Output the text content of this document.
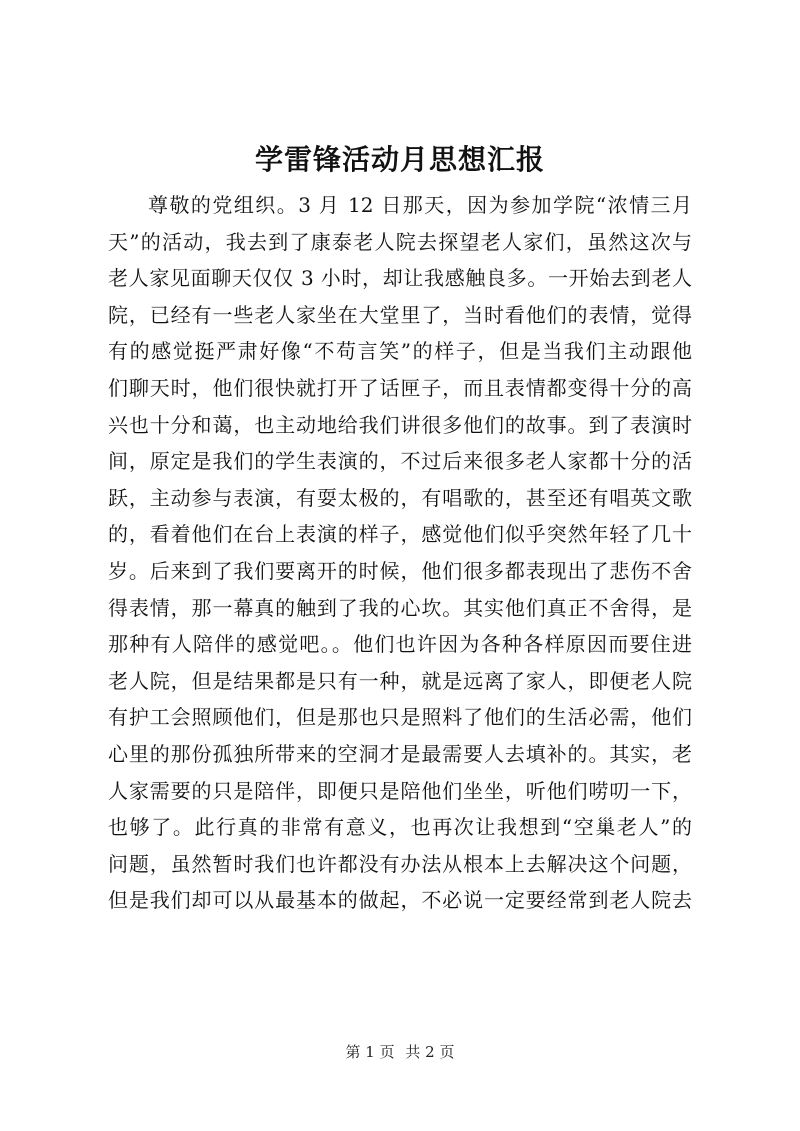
学雷锋活动月思想汇报
尊敬的党组织。3 月 12 日那天，因为参加学院“浓情三月
天”的活动，我去到了康泰老人院去探望老人家们，虽然这次与
老人家见面聊天仅仅 3 小时，却让我感触良多。一开始去到老人
院，已经有一些老人家坐在大堂里了，当时看他们的表情，觉得
有的感觉挺严肃好像“不苟言笑”的样子，但是当我们主动跟他
们聊天时，他们很快就打开了话匣子，而且表情都变得十分的高
兴也十分和蔼，也主动地给我们讲很多他们的故事。到了表演时
间，原定是我们的学生表演的，不过后来很多老人家都十分的活
跃，主动参与表演，有耍太极的，有唱歌的，甚至还有唱英文歌
的，看着他们在台上表演的样子，感觉他们似乎突然年轻了几十
岁。后来到了我们要离开的时候，他们很多都表现出了悲伤不舍
得表情，那一幕真的触到了我的心坎。其实他们真正不舍得，是
那种有人陪伴的感觉吧。。他们也许因为各种各样原因而要住进
老人院，但是结果都是只有一种，就是远离了家人，即便老人院
有护工会照顾他们，但是那也只是照料了他们的生活必需，他们
心里的那份孤独所带来的空洞才是最需要人去填补的。其实，老
人家需要的只是陪伴，即便只是陪他们坐坐，听他们唠叨一下，
也够了。此行真的非常有意义，也再次让我想到“空巢老人”的
问题，虽然暂时我们也许都没有办法从根本上去解决这个问题，
但是我们却可以从最基本的做起，不必说一定要经常到老人院去
第 1 页 共 2 页
